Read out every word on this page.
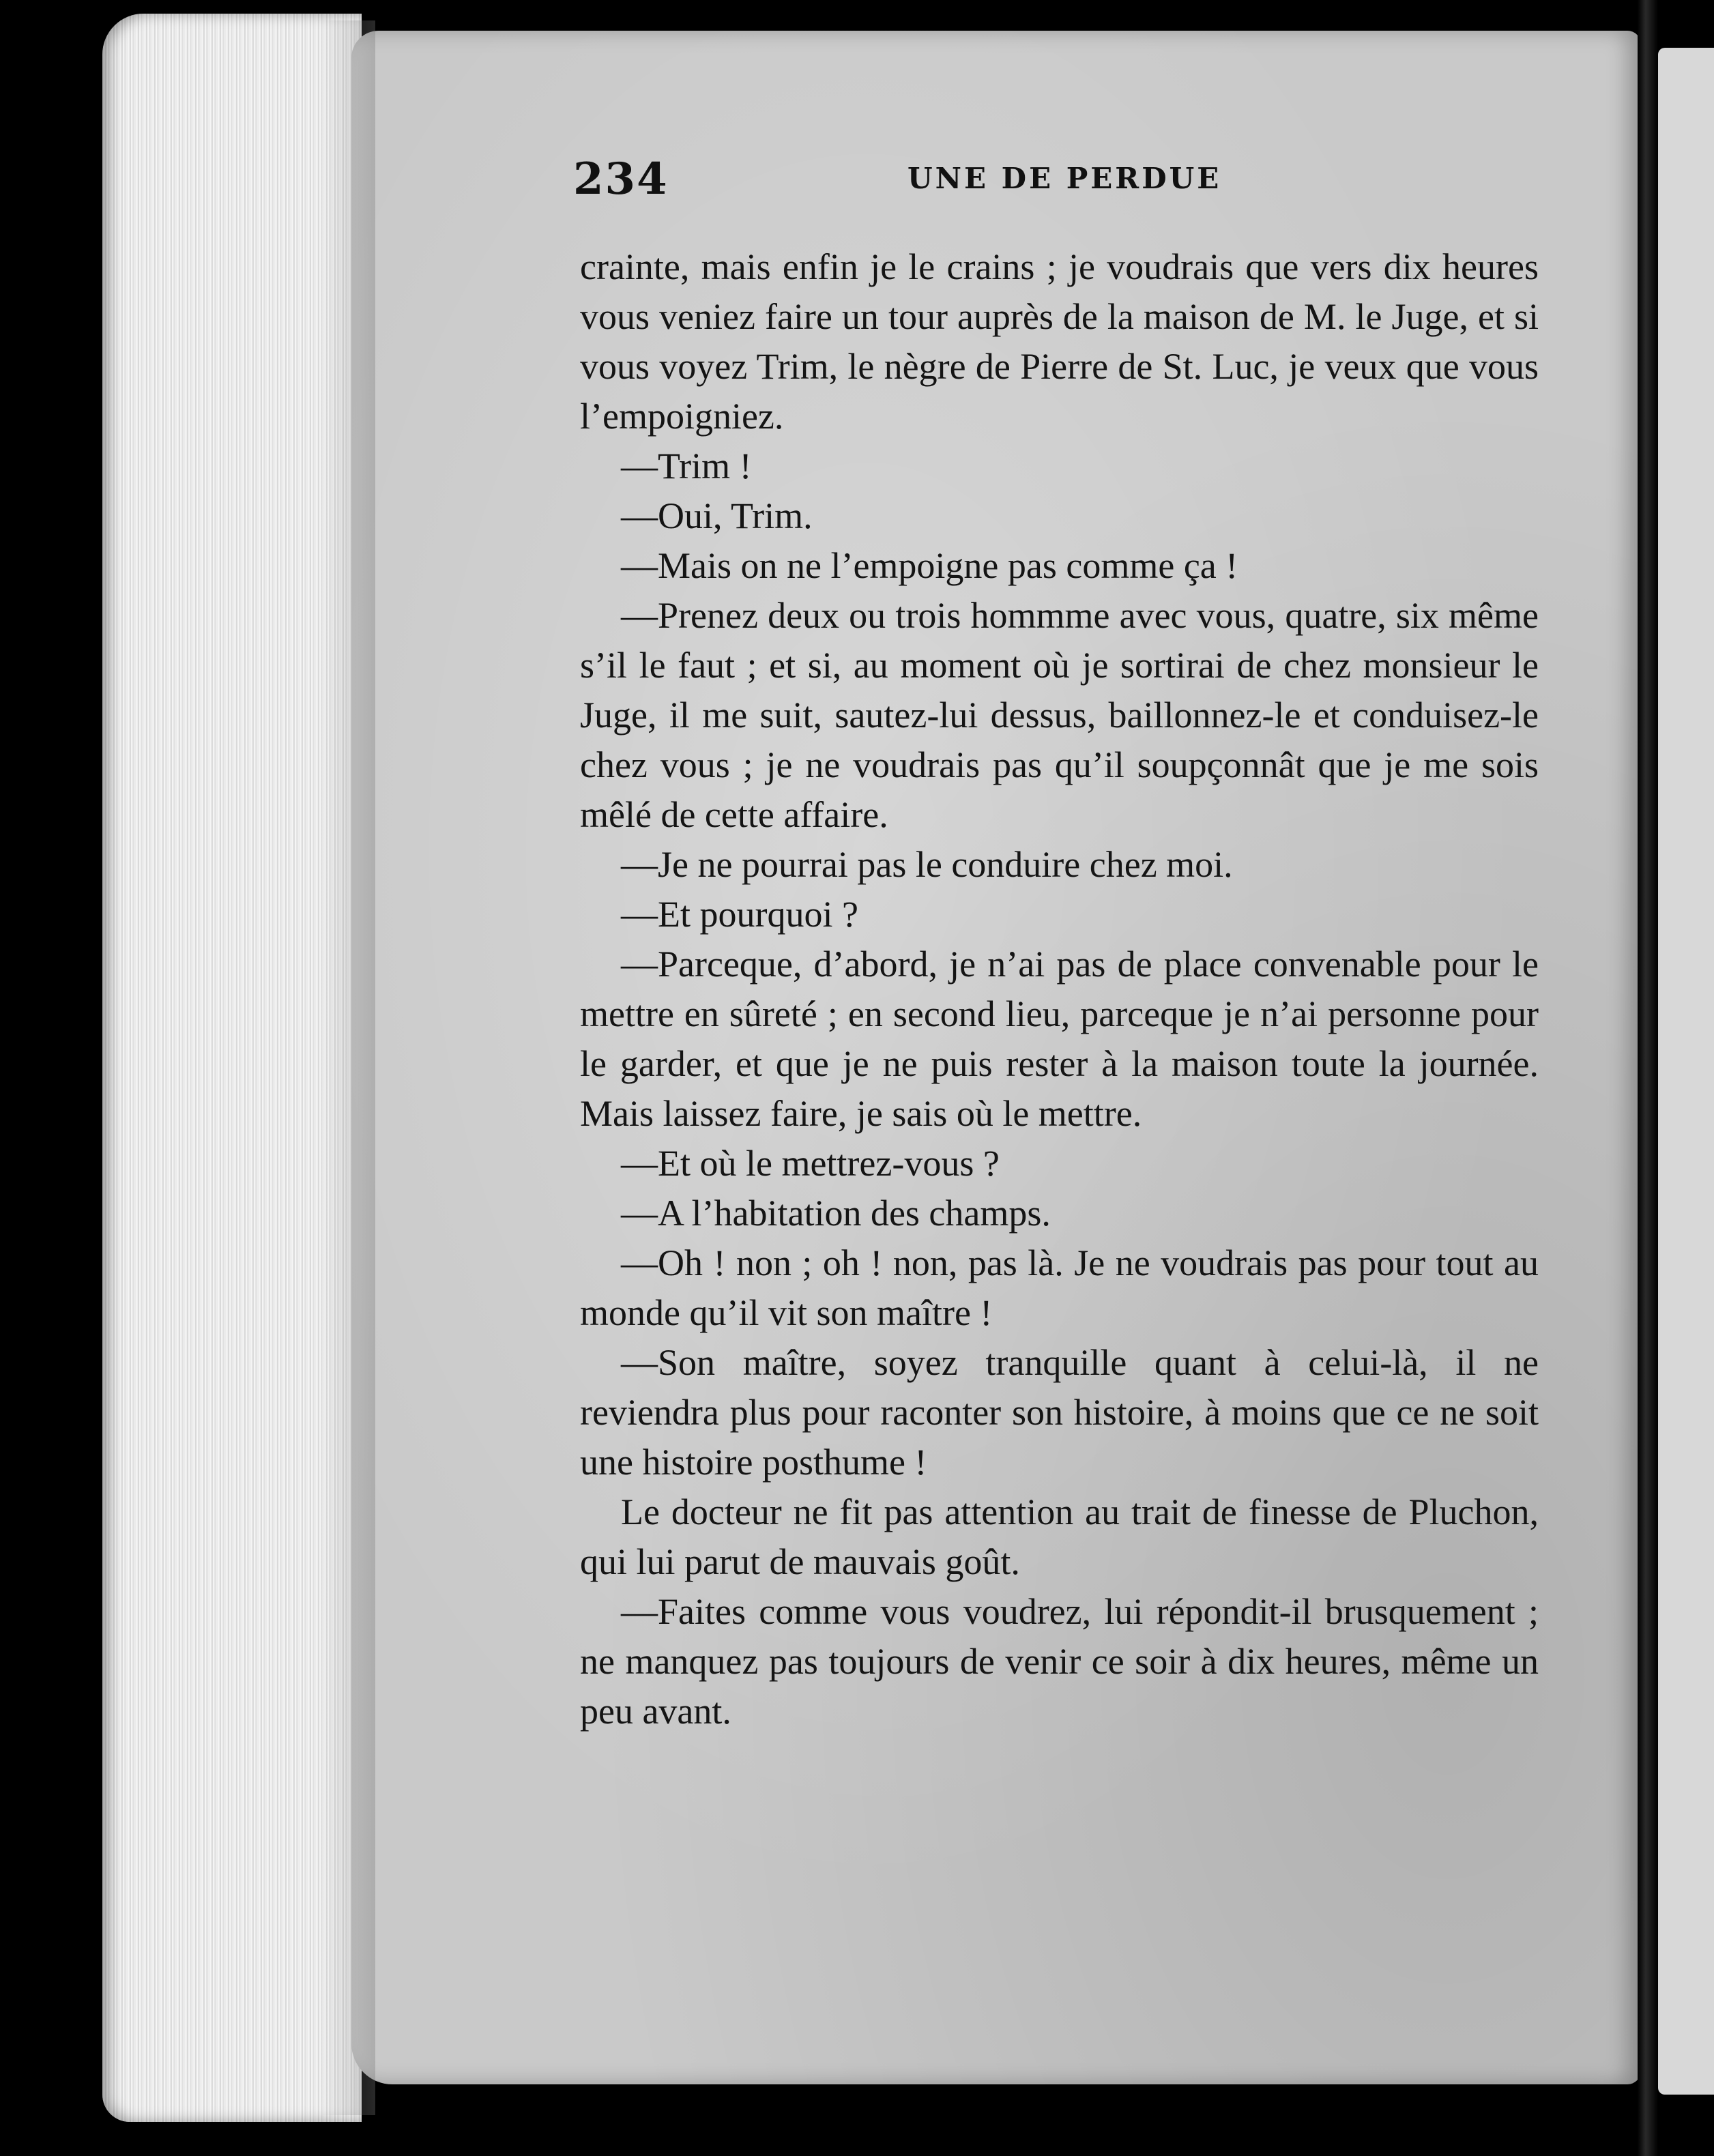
234	UNE DE PERDUE

crainte, mais enfin je le crains ; je voudrais que vers dix heures vous veniez faire un tour auprès de la maison de M. le Juge, et si vous voyez Trim, le nègre de Pierre de St. Luc, je veux que vous l’empoigniez.

—Trim !

—Oui, Trim.

—Mais on ne l’empoigne pas comme ça !

—Prenez deux ou trois hommme avec vous, quatre, six même s’il le faut ; et si, au moment où je sortirai de chez monsieur le Juge, il me suit, sautez-lui dessus, baillonnez-le et conduisez-le chez vous ; je ne voudrais pas qu’il soupçonnât que je me sois mêlé de cette affaire.

—Je ne pourrai pas le conduire chez moi.

—Et pourquoi ?

—Parceque, d’abord, je n’ai pas de place convenable pour le mettre en sûreté ; en second lieu, parceque je n’ai personne pour le garder, et que je ne puis rester à la maison toute la journée. Mais laissez faire, je sais où le mettre.

—Et où le mettrez-vous ?

—A l’habitation des champs.

—Oh ! non ; oh ! non, pas là. Je ne voudrais pas pour tout au monde qu’il vit son maître !

—Son maître, soyez tranquille quant à celui-là, il ne reviendra plus pour raconter son histoire, à moins que ce ne soit une histoire posthume !

Le docteur ne fit pas attention au trait de finesse de Pluchon, qui lui parut de mauvais goût.

—Faites comme vous voudrez, lui répondit-il brusquement ; ne manquez pas toujours de venir ce soir à dix heures, même un peu avant.
